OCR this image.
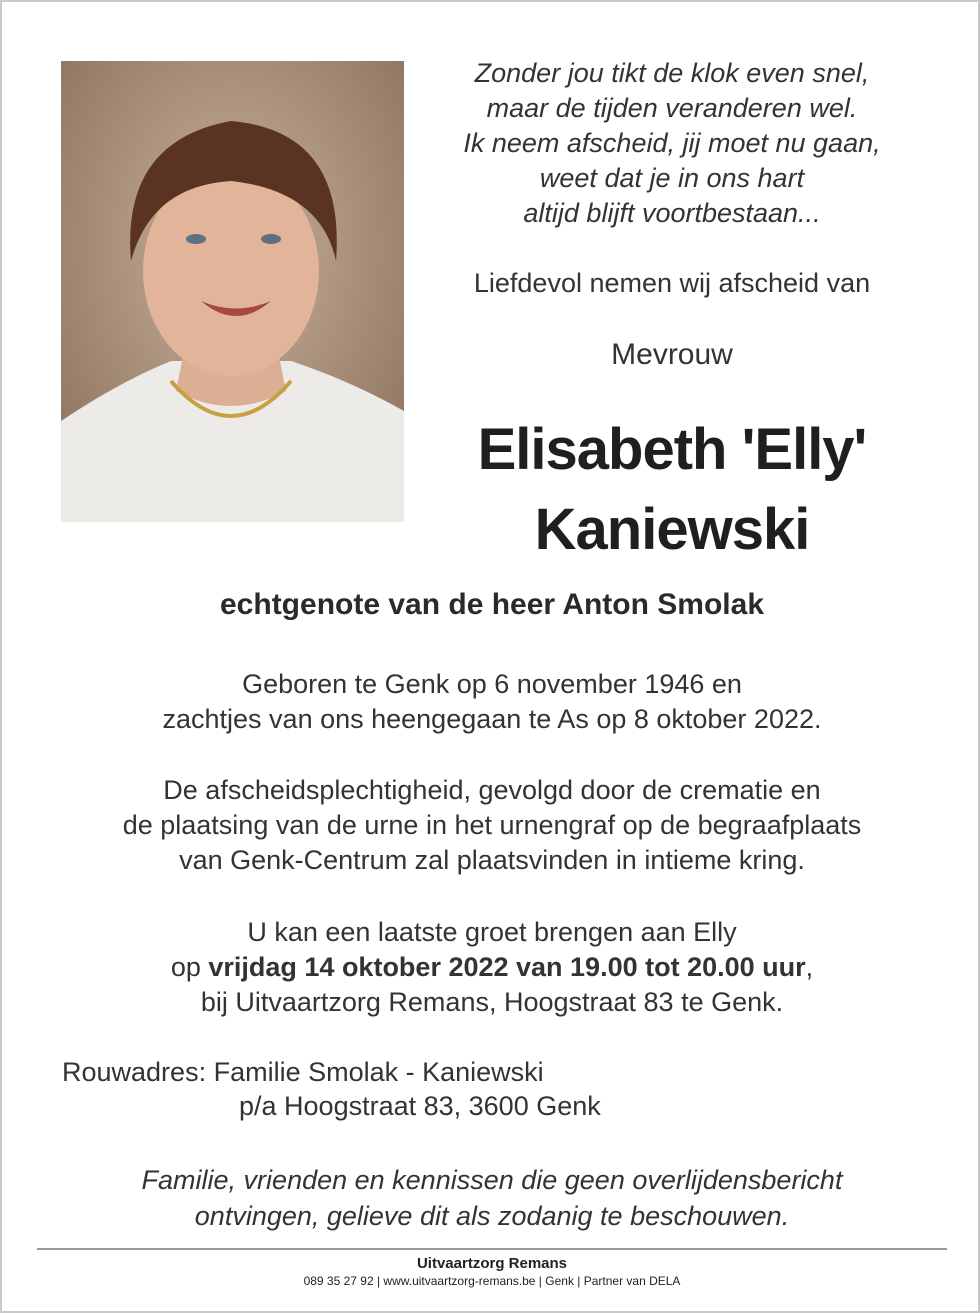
Zonder jou tikt de klok even snel,
maar de tijden veranderen wel.
Ik neem afscheid, jij moet nu gaan,
weet dat je in ons hart
altijd blijft voortbestaan...
Liefdevol nemen wij afscheid van
Mevrouw
Elisabeth 'Elly'
Kaniewski
echtgenote van de heer Anton Smolak
Geboren te Genk op 6 november 1946 en
zachtjes van ons heengegaan te As op 8 oktober 2022.
De afscheidsplechtigheid, gevolgd door de crematie en
de plaatsing van de urne in het urnengraf op de begraafplaats
van Genk-Centrum zal plaatsvinden in intieme kring.
U kan een laatste groet brengen aan Elly
op vrijdag 14 oktober 2022 van 19.00 tot 20.00 uur,
bij Uitvaartzorg Remans, Hoogstraat 83 te Genk.
Rouwadres: Familie Smolak - Kaniewski
p/a Hoogstraat 83, 3600 Genk
Familie, vrienden en kennissen die geen overlijdensbericht
ontvingen, gelieve dit als zodanig te beschouwen.
Uitvaartzorg Remans
089 35 27 92 | www.uitvaartzorg-remans.be | Genk | Partner van DELA
